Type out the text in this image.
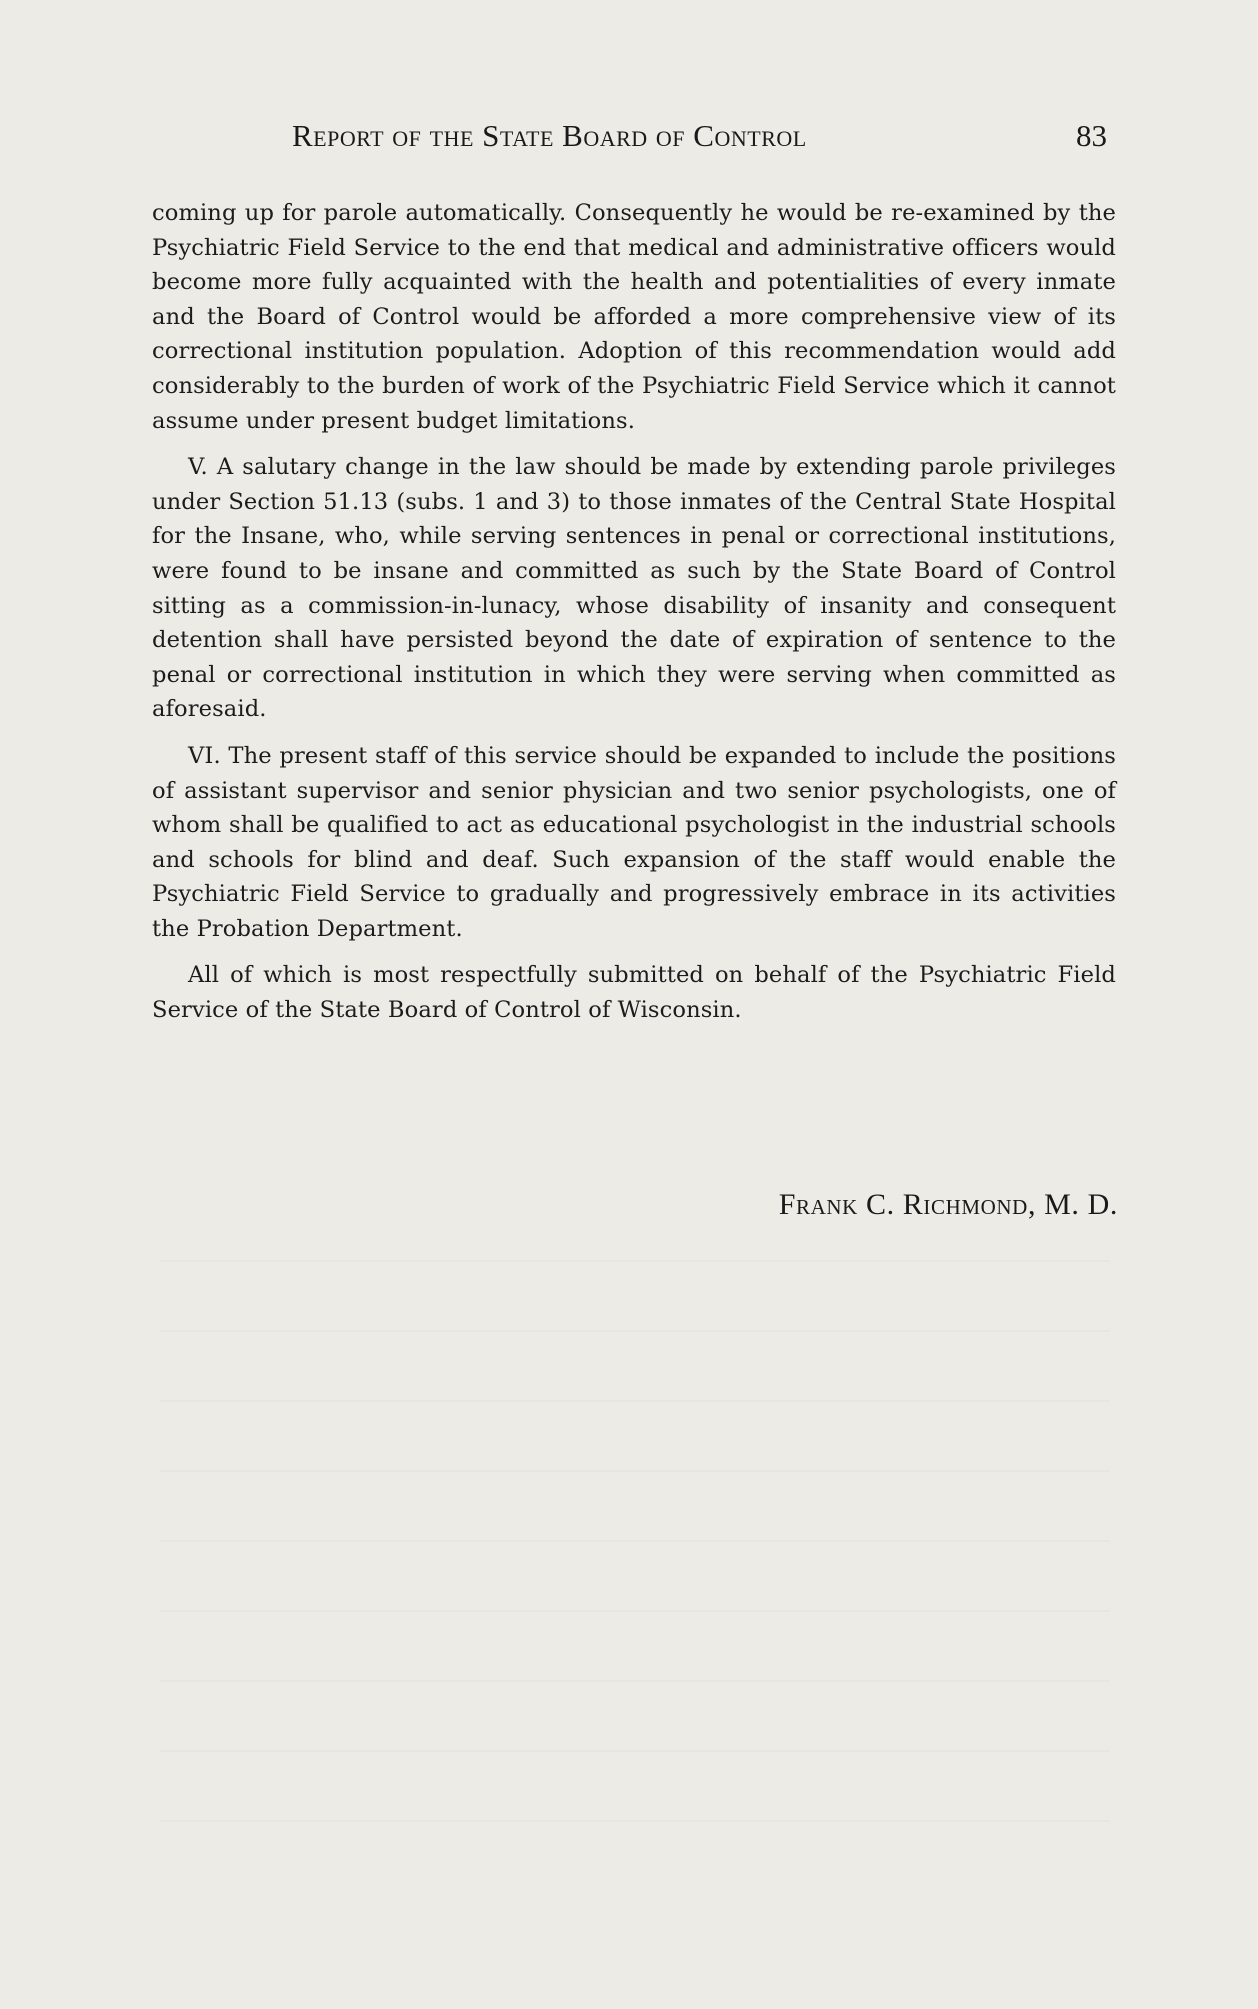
Report of the State Board of Control	83

coming up for parole automatically. Consequently he would be re-examined by the Psychiatric Field Service to the end that medical and administrative officers would become more fully acquainted with the health and potentialities of every inmate and the Board of Control would be afforded a more comprehensive view of its correctional institution population. Adoption of this recommendation would add considerably to the burden of work of the Psychiatric Field Service which it cannot assume under present budget limitations.

V. A salutary change in the law should be made by extending parole privileges under Section 51.13 (subs. 1 and 3) to those inmates of the Central State Hospital for the Insane, who, while serving sentences in penal or correctional institutions, were found to be insane and committed as such by the State Board of Control sitting as a commission-in-lunacy, whose disability of insanity and consequent detention shall have persisted beyond the date of expiration of sentence to the penal or correctional institution in which they were serving when committed as aforesaid.

VI. The present staff of this service should be expanded to include the positions of assistant supervisor and senior physician and two senior psychologists, one of whom shall be qualified to act as educational psychologist in the industrial schools and schools for blind and deaf. Such expansion of the staff would enable the Psychiatric Field Service to gradually and progressively embrace in its activities the Probation Department.

All of which is most respectfully submitted on behalf of the Psychiatric Field Service of the State Board of Control of Wisconsin.

Frank C. Richmond, M. D.
